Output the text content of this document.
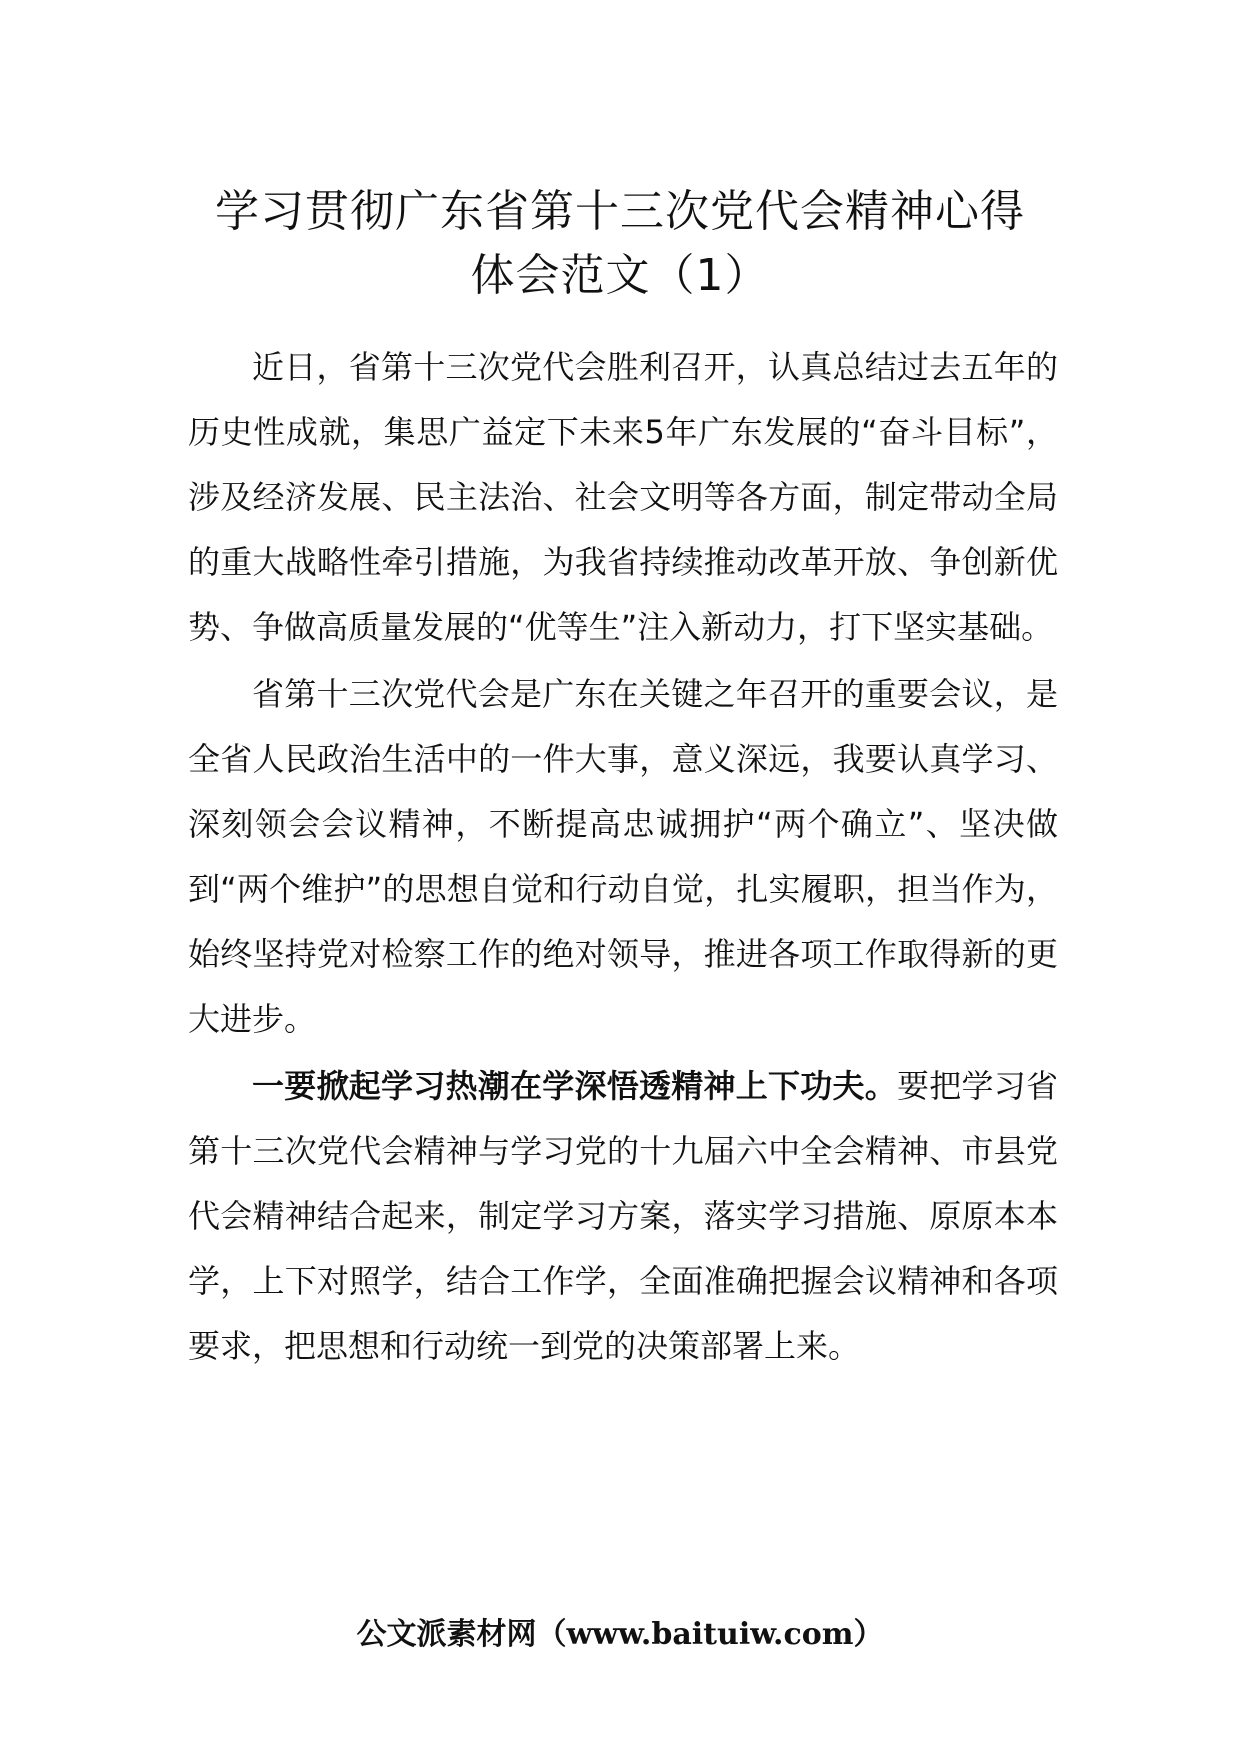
学习贯彻广东省第十三次党代会精神心得
体会范文（1）

近日，省第十三次党代会胜利召开，认真总结过去五年的历史性成就，集思广益定下未来5年广东发展的“奋斗目标”，涉及经济发展、民主法治、社会文明等各方面，制定带动全局的重大战略性牵引措施，为我省持续推动改革开放、争创新优势、争做高质量发展的“优等生”注入新动力，打下坚实基础。

省第十三次党代会是广东在关键之年召开的重要会议，是全省人民政治生活中的一件大事，意义深远，我要认真学习、深刻领会会议精神，不断提高忠诚拥护“两个确立”、坚决做到“两个维护”的思想自觉和行动自觉，扎实履职，担当作为，始终坚持党对检察工作的绝对领导，推进各项工作取得新的更大进步。

一要掀起学习热潮在学深悟透精神上下功夫。要把学习省第十三次党代会精神与学习党的十九届六中全会精神、市县党代会精神结合起来，制定学习方案，落实学习措施、原原本本学，上下对照学，结合工作学，全面准确把握会议精神和各项要求，把思想和行动统一到党的决策部署上来。

公文派素材网（www.baituiw.com）
